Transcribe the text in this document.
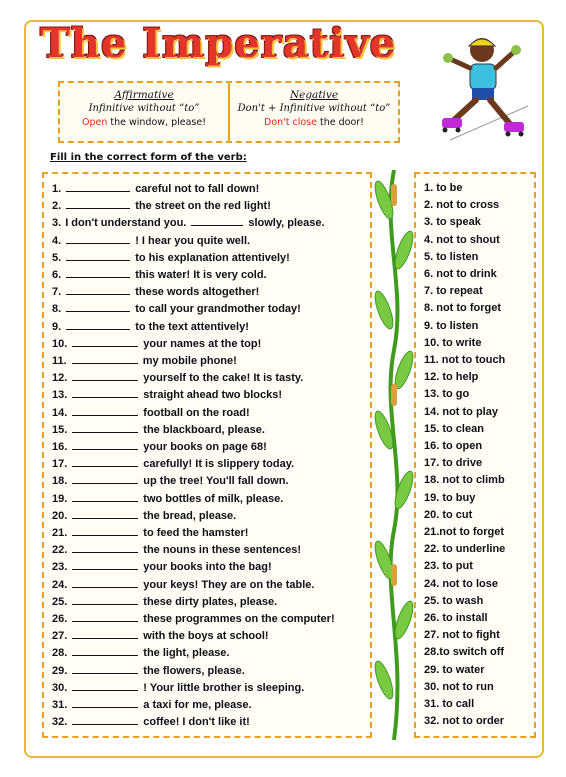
The Imperative
Affirmative
Infinitive without “to”
Open the window, please!
Negative
Don't + Infinitive without “to”
Don't close the door!
Fill in the correct form of the verb:
1.	careful not to fall down!
2.	the street on the red light!
3. I don't understand you.	slowly, please.
4.	! I hear you quite well.
5.	to his explanation attentively!
6.	this water! It is very cold.
7.	these words altogether!
8.	to call your grandmother today!
9.	to the text attentively!
10.	your names at the top!
11.	my mobile phone!
12.	yourself to the cake! It is tasty.
13.	straight ahead two blocks!
14.	football on the road!
15.	the blackboard, please.
16.	your books on page 68!
17.	carefully! It is slippery today.
18.	up the tree! You'll fall down.
19.	two bottles of milk, please.
20.	the bread, please.
21.	to feed the hamster!
22.	the nouns in these sentences!
23.	your books into the bag!
24.	your keys! They are on the table.
25.	these dirty plates, please.
26.	these programmes on the computer!
27.	with the boys at school!
28.	the light, please.
29.	the flowers, please.
30.	! Your little brother is sleeping.
31.	a taxi for me, please.
32.	coffee! I don't like it!
1. to be
2. not to cross
3. to speak
4. not to shout
5. to listen
6. not to drink
7. to repeat
8. not to forget
9. to listen
10. to write
11. not to touch
12. to help
13. to go
14. not to play
15. to clean
16. to open
17. to drive
18. not to climb
19. to buy
20. to cut
21.not to forget
22. to underline
23. to put
24. not to lose
25. to wash
26. to install
27. not to fight
28.to switch off
29. to water
30. not to run
31. to call
32. not to order
